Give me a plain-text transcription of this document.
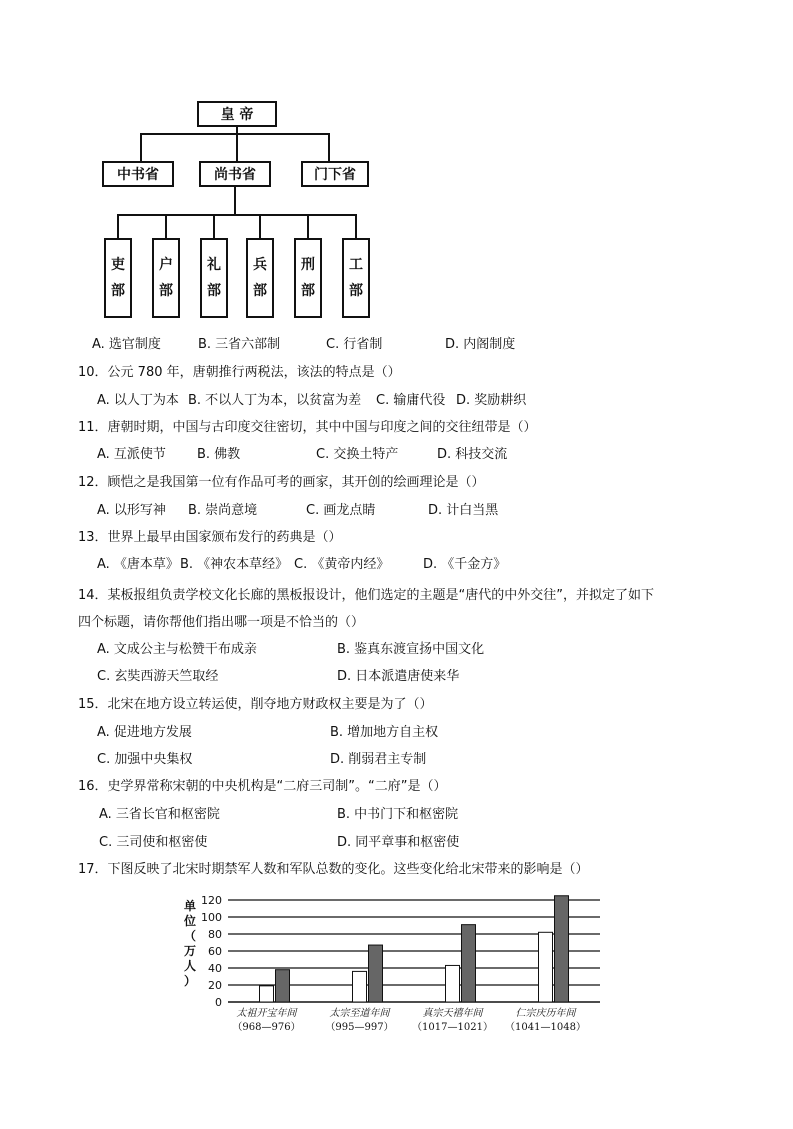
皇 帝
中书省	尚书省	门下省
吏
部
户
部
礼
部
兵
部
刑
部
工
部
A. 选官制度	B. 三省六部制	C. 行省制	D. 内阁制度
10．公元 780 年，唐朝推行两税法，该法的特点是（）
A. 以人丁为本 B. 不以人丁为本，以贫富为差 C. 输庸代役 D. 奖励耕织
11．唐朝时期，中国与古印度交往密切，其中中国与印度之间的交往纽带是（）
A. 互派使节 B. 佛教	C. 交换土特产	D. 科技交流
12．顾恺之是我国第一位有作品可考的画家，其开创的绘画理论是（）
A. 以形写神 B. 崇尚意境	C. 画龙点睛	D. 计白当黑
13．世界上最早由国家颁布发行的药典是（）
A. 《唐本草》 B. 《神农本草经》 C. 《黄帝内经》	D. 《千金方》
14．某板报组负责学校文化长廊的黑板报设计，他们选定的主题是“唐代的中外交往”，并拟定了如下
四个标题，请你帮他们指出哪一项是不恰当的（）
A. 文成公主与松赞干布成亲	B. 鉴真东渡宣扬中国文化
C. 玄奘西游天竺取经	D. 日本派遣唐使来华
15．北宋在地方设立转运使，削夺地方财政权主要是为了（）
A. 促进地方发展	B. 增加地方自主权
C. 加强中央集权	D. 削弱君主专制
16．史学界常称宋朝的中央机构是“二府三司制”。“二府”是（）
A. 三省长官和枢密院	B. 中书门下和枢密院
C. 三司使和枢密使	D. 同平章事和枢密使
17．下图反映了北宋时期禁军人数和军队总数的变化。这些变化给北宋带来的影响是（）
单
位
（
万
人
）
0
20
40
60
80
100
120
太祖开宝年间
（968—976）
太宗至道年间
（995—997）
真宗天禧年间
（1017—1021）
仁宗庆历年间
（1041—1048）
